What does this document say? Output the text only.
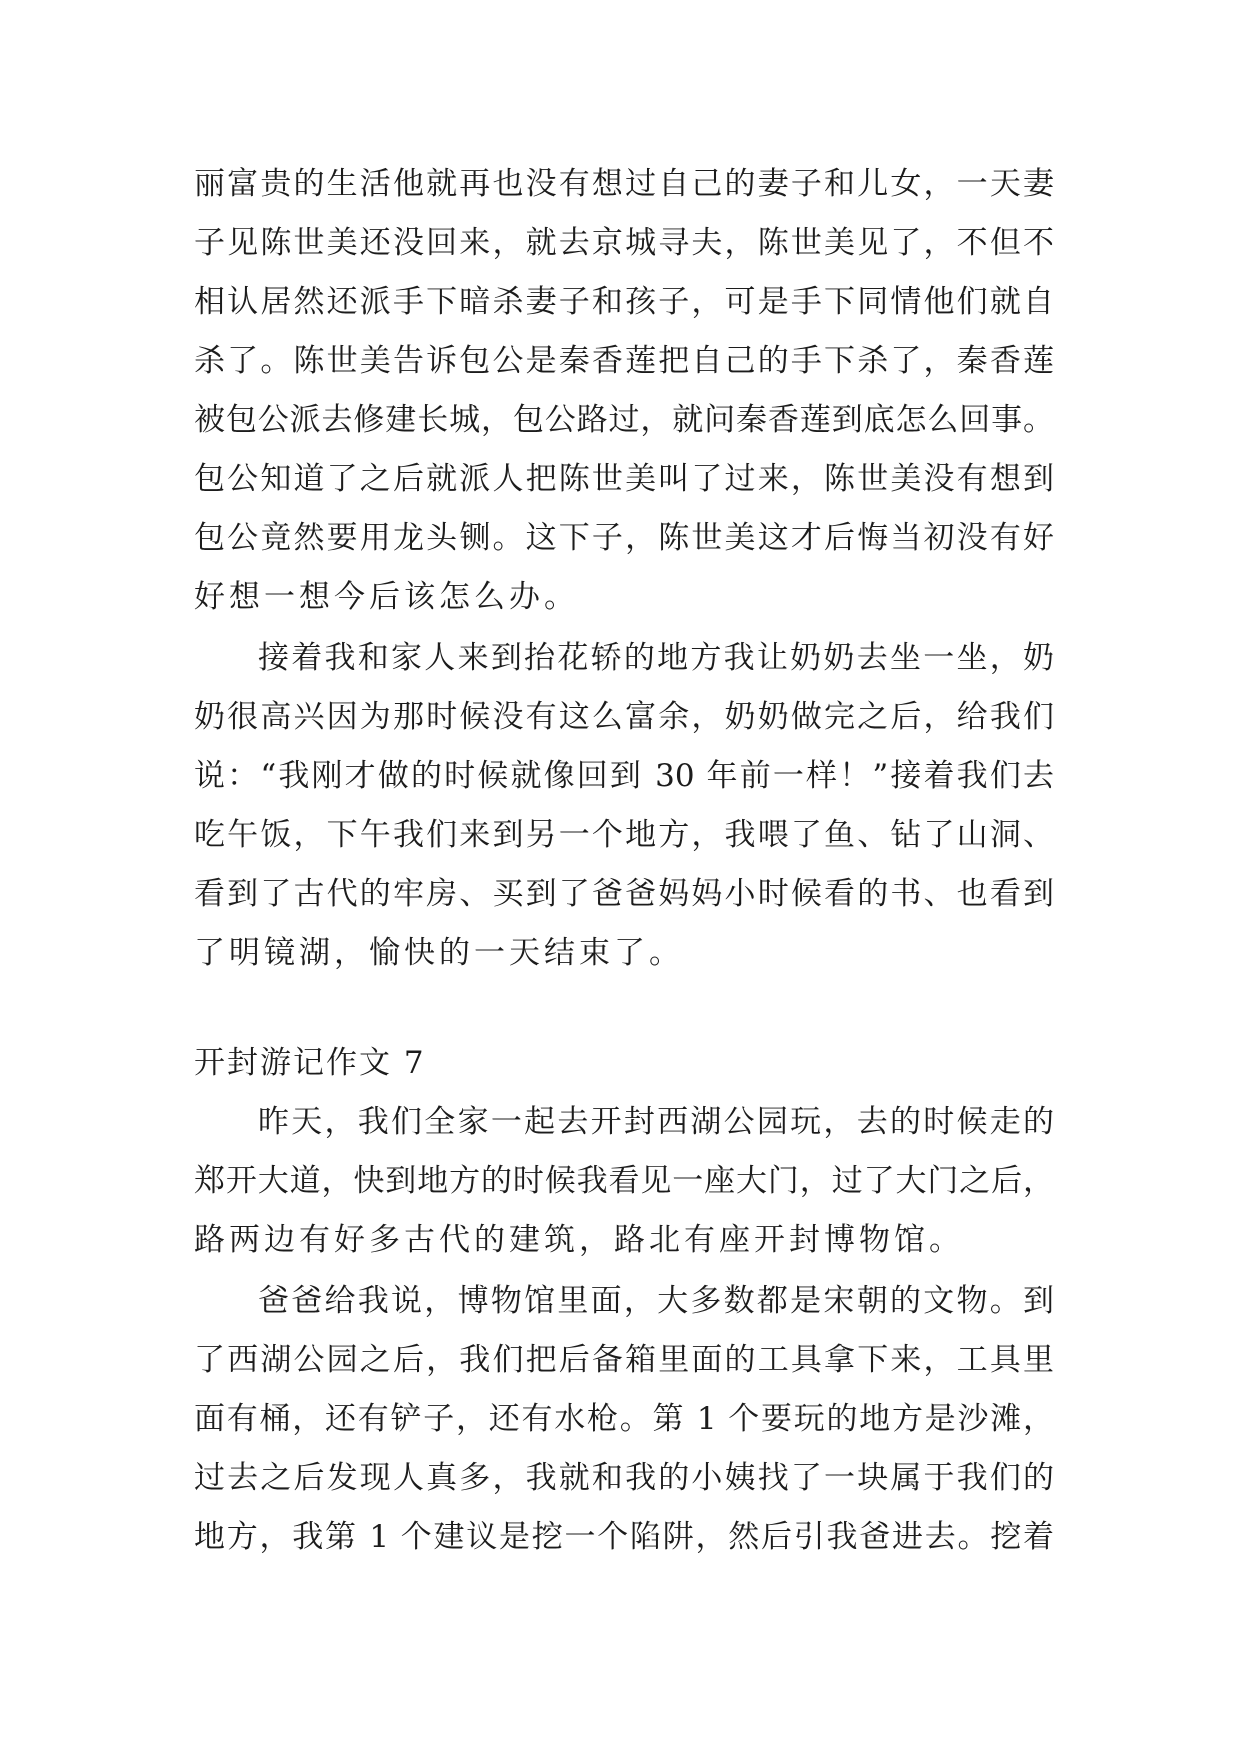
丽富贵的生活他就再也没有想过自己的妻子和儿女，一天妻
子见陈世美还没回来，就去京城寻夫，陈世美见了，不但不
相认居然还派手下暗杀妻子和孩子，可是手下同情他们就自
杀了。陈世美告诉包公是秦香莲把自己的手下杀了，秦香莲
被包公派去修建长城，包公路过，就问秦香莲到底怎么回事。
包公知道了之后就派人把陈世美叫了过来，陈世美没有想到
包公竟然要用龙头铡。这下子，陈世美这才后悔当初没有好
好想一想今后该怎么办。
接着我和家人来到抬花轿的地方我让奶奶去坐一坐，奶
奶很高兴因为那时候没有这么富余，奶奶做完之后，给我们
说：“我刚才做的时候就像回到 30 年前一样！”接着我们去
吃午饭，下午我们来到另一个地方，我喂了鱼、钻了山洞、
看到了古代的牢房、买到了爸爸妈妈小时候看的书、也看到
了明镜湖，愉快的一天结束了。
开封游记作文 7
昨天，我们全家一起去开封西湖公园玩，去的时候走的
郑开大道，快到地方的时候我看见一座大门，过了大门之后，
路两边有好多古代的建筑，路北有座开封博物馆。
爸爸给我说，博物馆里面，大多数都是宋朝的文物。到
了西湖公园之后，我们把后备箱里面的工具拿下来，工具里
面有桶，还有铲子，还有水枪。第 1 个要玩的地方是沙滩，
过去之后发现人真多，我就和我的小姨找了一块属于我们的
地方，我第 1 个建议是挖一个陷阱，然后引我爸进去。挖着
